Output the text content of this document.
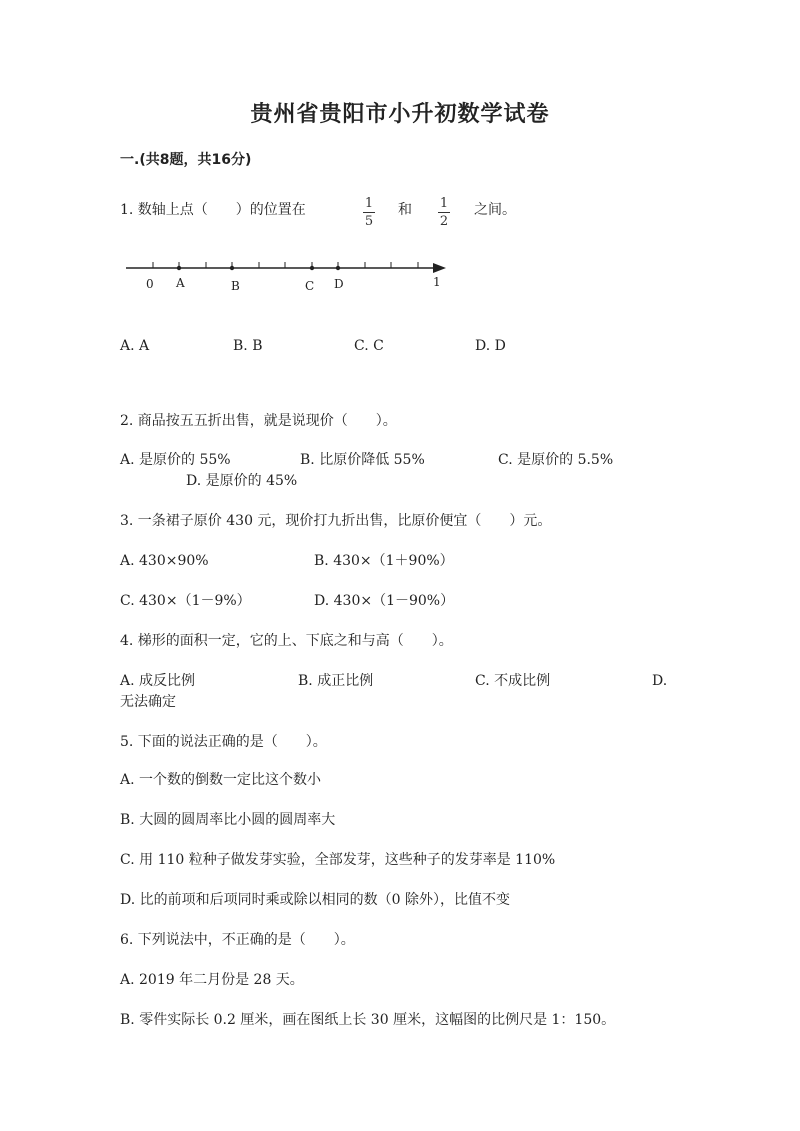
贵州省贵阳市小升初数学试卷
一.(共8题，共16分)
1. 数轴上点（　　）的位置在	1
5
和 1
2
之间。
0 A	B	C D	1
A. A	B. B	C. C	D. D
2. 商品按五五折出售，就是说现价（　　）。
A. 是原价的 55%	B. 比原价降低 55%	C. 是原价的 5.5%
D. 是原价的 45%
3. 一条裙子原价 430 元，现价打九折出售，比原价便宜（　　）元。
A. 430×90%	B. 430×（1＋90%）
C. 430×（1－9%）	D. 430×（1－90%）
4. 梯形的面积一定，它的上、下底之和与高（　　）。
A. 成反比例	B. 成正比例	C. 不成比例	D.
无法确定
5. 下面的说法正确的是（　　）。
A. 一个数的倒数一定比这个数小
B. 大圆的圆周率比小圆的圆周率大
C. 用 110 粒种子做发芽实验，全部发芽，这些种子的发芽率是 110%
D. 比的前项和后项同时乘或除以相同的数（0 除外），比值不变
6. 下列说法中，不正确的是（　　）。
A. 2019 年二月份是 28 天。
B. 零件实际长 0.2 厘米，画在图纸上长 30 厘米，这幅图的比例尺是 1：150。
